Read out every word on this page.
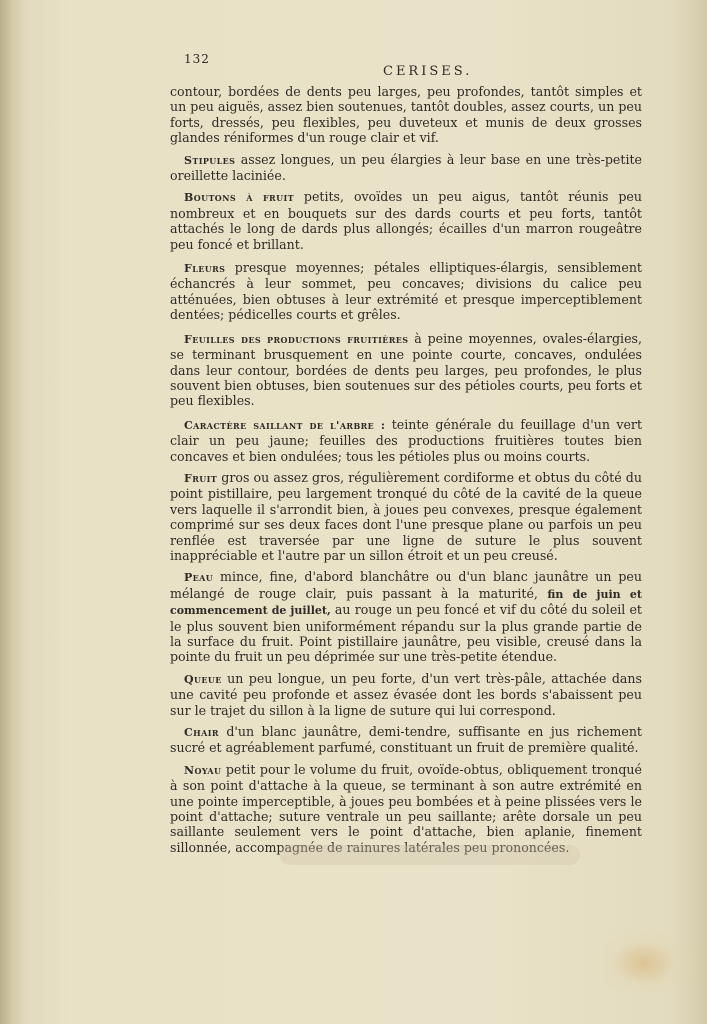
132
CERISES.

contour, bordées de dents peu larges, peu profondes, tantôt simples et un peu aiguës, assez bien soutenues, tantôt doubles, assez courts, un peu forts, dressés, peu flexibles, peu duveteux et munis de deux grosses glandes réniformes d'un rouge clair et vif.

Stipules assez longues, un peu élargies à leur base en une très-petite oreillette laciniée.

Boutons à fruit petits, ovoïdes un peu aigus, tantôt réunis peu nombreux et en bouquets sur des dards courts et peu forts, tantôt attachés le long de dards plus allongés; écailles d'un marron rougeâtre peu foncé et brillant.

Fleurs presque moyennes; pétales elliptiques-élargis, sensiblement échancrés à leur sommet, peu concaves; divisions du calice peu atténuées, bien obtuses à leur extrémité et presque imperceptiblement dentées; pédicelles courts et grêles.

Feuilles des productions fruitières à peine moyennes, ovales-élargies, se terminant brusquement en une pointe courte, concaves, ondulées dans leur contour, bordées de dents peu larges, peu profondes, le plus souvent bien obtuses, bien soutenues sur des pétioles courts, peu forts et peu flexibles.

Caractère saillant de l'arbre : teinte générale du feuillage d'un vert clair un peu jaune; feuilles des productions fruitières toutes bien concaves et bien ondulées; tous les pétioles plus ou moins courts.

Fruit gros ou assez gros, régulièrement cordiforme et obtus du côté du point pistillaire, peu largement tronqué du côté de la cavité de la queue vers laquelle il s'arrondit bien, à joues peu convexes, presque également comprimé sur ses deux faces dont l'une presque plane ou parfois un peu renflée est traversée par une ligne de suture le plus souvent inappréciable et l'autre par un sillon étroit et un peu creusé.

Peau mince, fine, d'abord blanchâtre ou d'un blanc jaunâtre un peu mélangé de rouge clair, puis passant à la maturité, fin de juin et commencement de juillet, au rouge un peu foncé et vif du côté du soleil et le plus souvent bien uniformément répandu sur la plus grande partie de la surface du fruit. Point pistillaire jaunâtre, peu visible, creusé dans la pointe du fruit un peu déprimée sur une très-petite étendue.

Queue un peu longue, un peu forte, d'un vert très-pâle, attachée dans une cavité peu profonde et assez évasée dont les bords s'abaissent peu sur le trajet du sillon à la ligne de suture qui lui correspond.

Chair d'un blanc jaunâtre, demi-tendre, suffisante en jus richement sucré et agréablement parfumé, constituant un fruit de première qualité.

Noyau petit pour le volume du fruit, ovoïde-obtus, obliquement tronqué à son point d'attache à la queue, se terminant à son autre extrémité en une pointe imperceptible, à joues peu bombées et à peine plissées vers le point d'attache; suture ventrale un peu saillante; arête dorsale un peu saillante seulement vers le point d'attache, bien aplanie, finement sillonnée, accompagnée de rainures latérales peu prononcées.
